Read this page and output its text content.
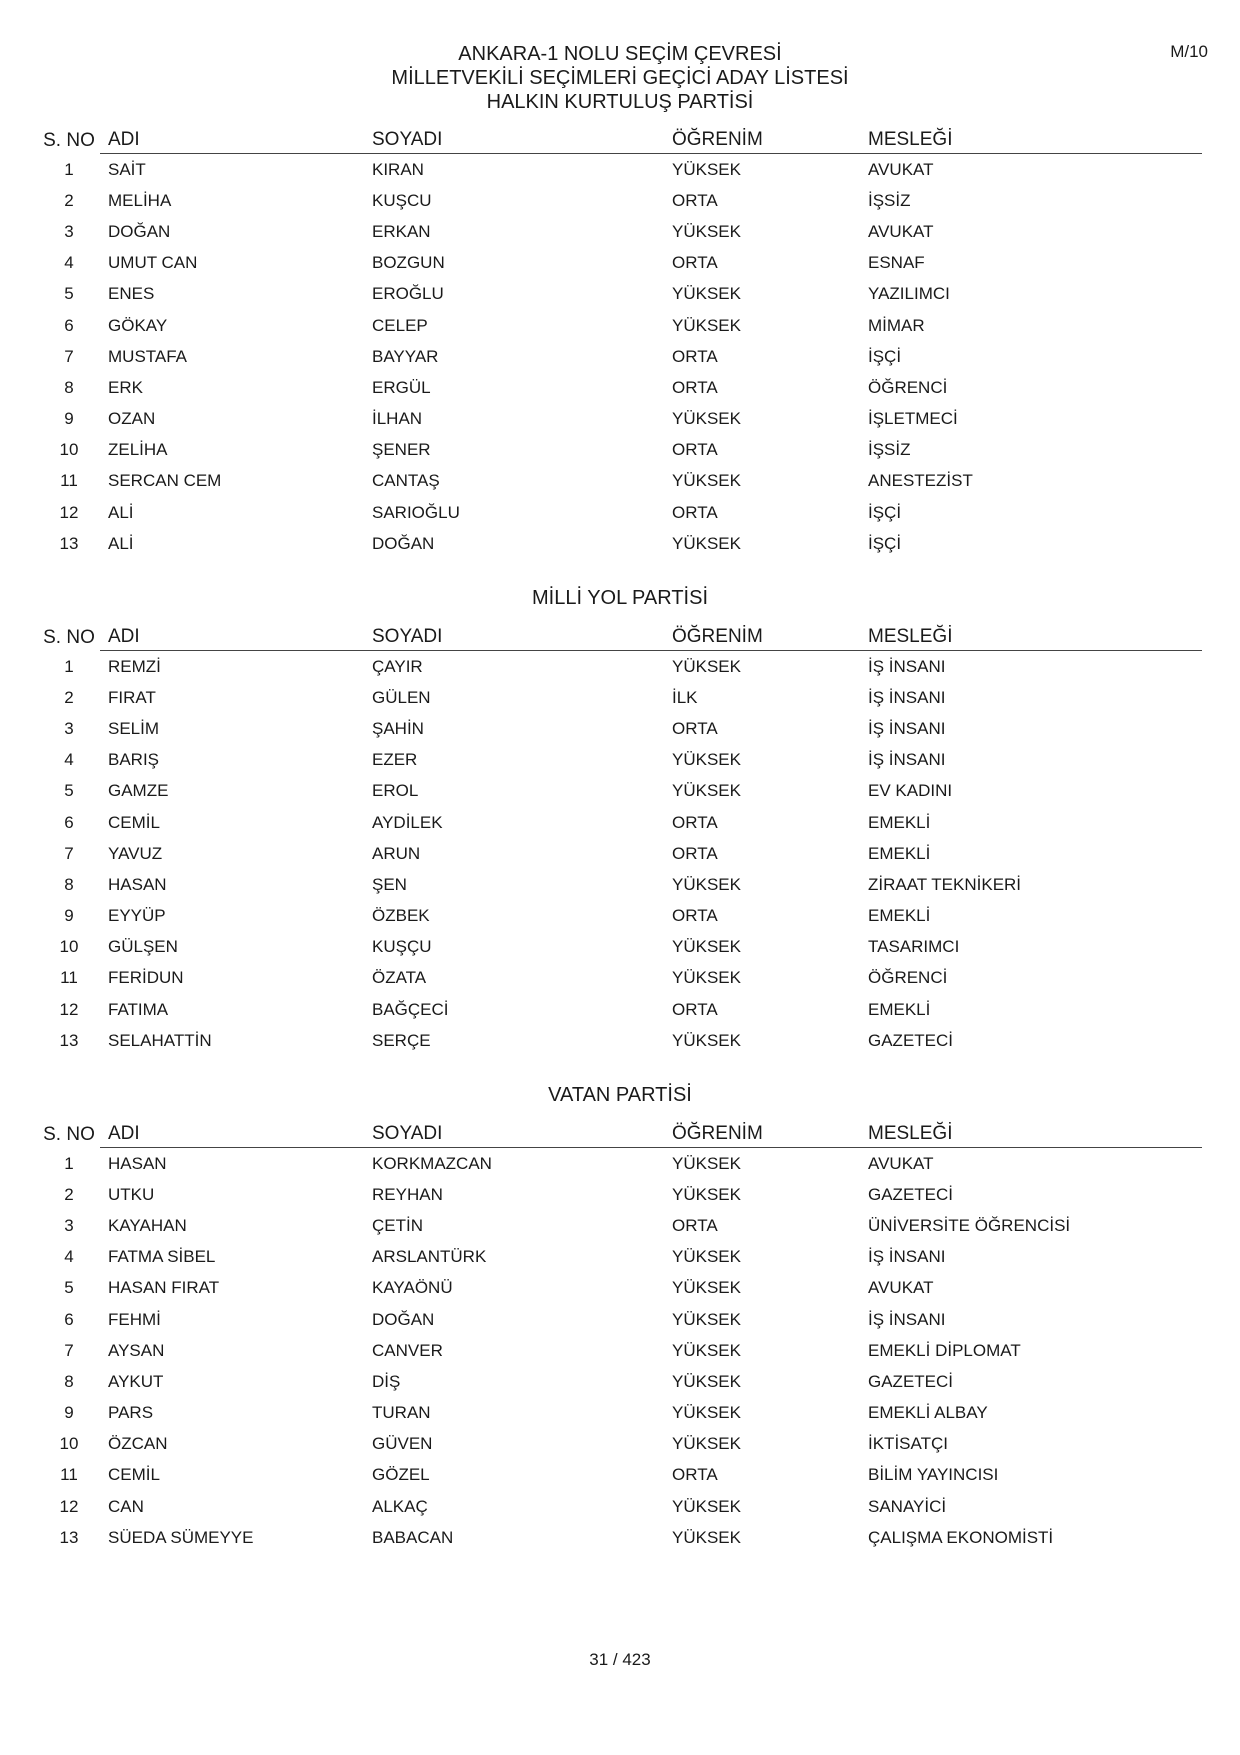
M/10
ANKARA-1 NOLU SEÇİM ÇEVRESİ
MİLLETVEKİLİ SEÇİMLERİ GEÇİCİ ADAY LİSTESİ
HALKIN KURTULUŞ PARTİSİ
S. NO	ADI	SOYADI	ÖĞRENİM	MESLEĞİ
1	SAİT	KIRAN	YÜKSEK	AVUKAT
2	MELİHA	KUŞCU	ORTA	İŞSİZ
3	DOĞAN	ERKAN	YÜKSEK	AVUKAT
4	UMUT CAN	BOZGUN	ORTA	ESNAF
5	ENES	EROĞLU	YÜKSEK	YAZILIMCI
6	GÖKAY	CELEP	YÜKSEK	MİMAR
7	MUSTAFA	BAYYAR	ORTA	İŞÇİ
8	ERK	ERGÜL	ORTA	ÖĞRENCİ
9	OZAN	İLHAN	YÜKSEK	İŞLETMECİ
10	ZELİHA	ŞENER	ORTA	İŞSİZ
11	SERCAN CEM	CANTAŞ	YÜKSEK	ANESTEZİST
12	ALİ	SARIOĞLU	ORTA	İŞÇİ
13	ALİ	DOĞAN	YÜKSEK	İŞÇİ
MİLLİ YOL PARTİSİ
S. NO	ADI	SOYADI	ÖĞRENİM	MESLEĞİ
1	REMZİ	ÇAYIR	YÜKSEK	İŞ İNSANI
2	FIRAT	GÜLEN	İLK	İŞ İNSANI
3	SELİM	ŞAHİN	ORTA	İŞ İNSANI
4	BARIŞ	EZER	YÜKSEK	İŞ İNSANI
5	GAMZE	EROL	YÜKSEK	EV KADINI
6	CEMİL	AYDİLEK	ORTA	EMEKLİ
7	YAVUZ	ARUN	ORTA	EMEKLİ
8	HASAN	ŞEN	YÜKSEK	ZİRAAT TEKNİKERİ
9	EYYÜP	ÖZBEK	ORTA	EMEKLİ
10	GÜLŞEN	KUŞÇU	YÜKSEK	TASARIMCI
11	FERİDUN	ÖZATA	YÜKSEK	ÖĞRENCİ
12	FATIMA	BAĞÇECİ	ORTA	EMEKLİ
13	SELAHATTİN	SERÇE	YÜKSEK	GAZETECİ
VATAN PARTİSİ
S. NO	ADI	SOYADI	ÖĞRENİM	MESLEĞİ
1	HASAN	KORKMAZCAN	YÜKSEK	AVUKAT
2	UTKU	REYHAN	YÜKSEK	GAZETECİ
3	KAYAHAN	ÇETİN	ORTA	ÜNİVERSİTE ÖĞRENCİSİ
4	FATMA SİBEL	ARSLANTÜRK	YÜKSEK	İŞ İNSANI
5	HASAN FIRAT	KAYAÖNÜ	YÜKSEK	AVUKAT
6	FEHMİ	DOĞAN	YÜKSEK	İŞ İNSANI
7	AYSAN	CANVER	YÜKSEK	EMEKLİ DİPLOMAT
8	AYKUT	DİŞ	YÜKSEK	GAZETECİ
9	PARS	TURAN	YÜKSEK	EMEKLİ ALBAY
10	ÖZCAN	GÜVEN	YÜKSEK	İKTİSATÇI
11	CEMİL	GÖZEL	ORTA	BİLİM YAYINCISI
12	CAN	ALKAÇ	YÜKSEK	SANAYİCİ
13	SÜEDA SÜMEYYE	BABACAN	YÜKSEK	ÇALIŞMA EKONOMİSTİ
31 / 423
